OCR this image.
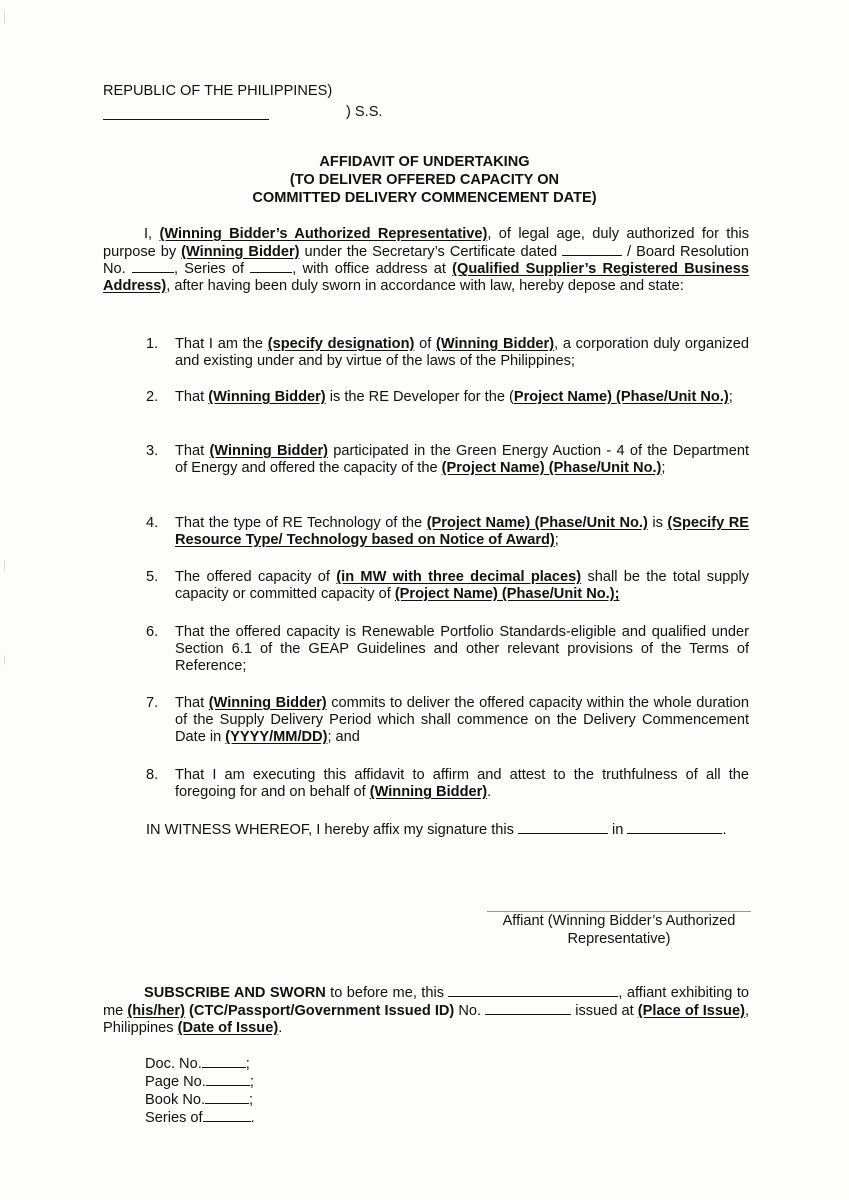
REPUBLIC OF THE PHILIPPINES)
) S.S.
AFFIDAVIT OF UNDERTAKING
(TO DELIVER OFFERED CAPACITY ON
COMMITTED DELIVERY COMMENCEMENT DATE)
I, (Winning Bidder’s Authorized Representative), of legal age, duly authorized for this purpose by (Winning Bidder) under the Secretary’s Certificate dated	/ Board Resolution No.	, Series of	, with office address at (Qualified Supplier’s Registered Business Address), after having been duly sworn in accordance with law, hereby depose and state:
1. That I am the (specify designation) of (Winning Bidder), a corporation duly organized and existing under and by virtue of the laws of the Philippines;
2. That (Winning Bidder) is the RE Developer for the (Project Name) (Phase/Unit No.);
3. That (Winning Bidder) participated in the Green Energy Auction - 4 of the Department of Energy and offered the capacity of the (Project Name) (Phase/Unit No.);
4. That the type of RE Technology of the (Project Name) (Phase/Unit No.) is (Specify RE Resource Type/ Technology based on Notice of Award);
5. The offered capacity of (in MW with three decimal places) shall be the total supply capacity or committed capacity of (Project Name) (Phase/Unit No.);
6. That the offered capacity is Renewable Portfolio Standards-eligible and qualified under Section 6.1 of the GEAP Guidelines and other relevant provisions of the Terms of Reference;
7. That (Winning Bidder) commits to deliver the offered capacity within the whole duration of the Supply Delivery Period which shall commence on the Delivery Commencement Date in (YYYY/MM/DD); and
8. That I am executing this affidavit to affirm and attest to the truthfulness of all the foregoing for and on behalf of (Winning Bidder).
IN WITNESS WHEREOF, I hereby affix my signature this	in	.
Affiant (Winning Bidder’s Authorized
Representative)
SUBSCRIBE AND SWORN to before me, this	, affiant exhibiting to me (his/her) (CTC/Passport/Government Issued ID) No.	issued at (Place of Issue), Philippines (Date of Issue).
Doc. No.	;
Page No.	;
Book No.	;
Series of	.
